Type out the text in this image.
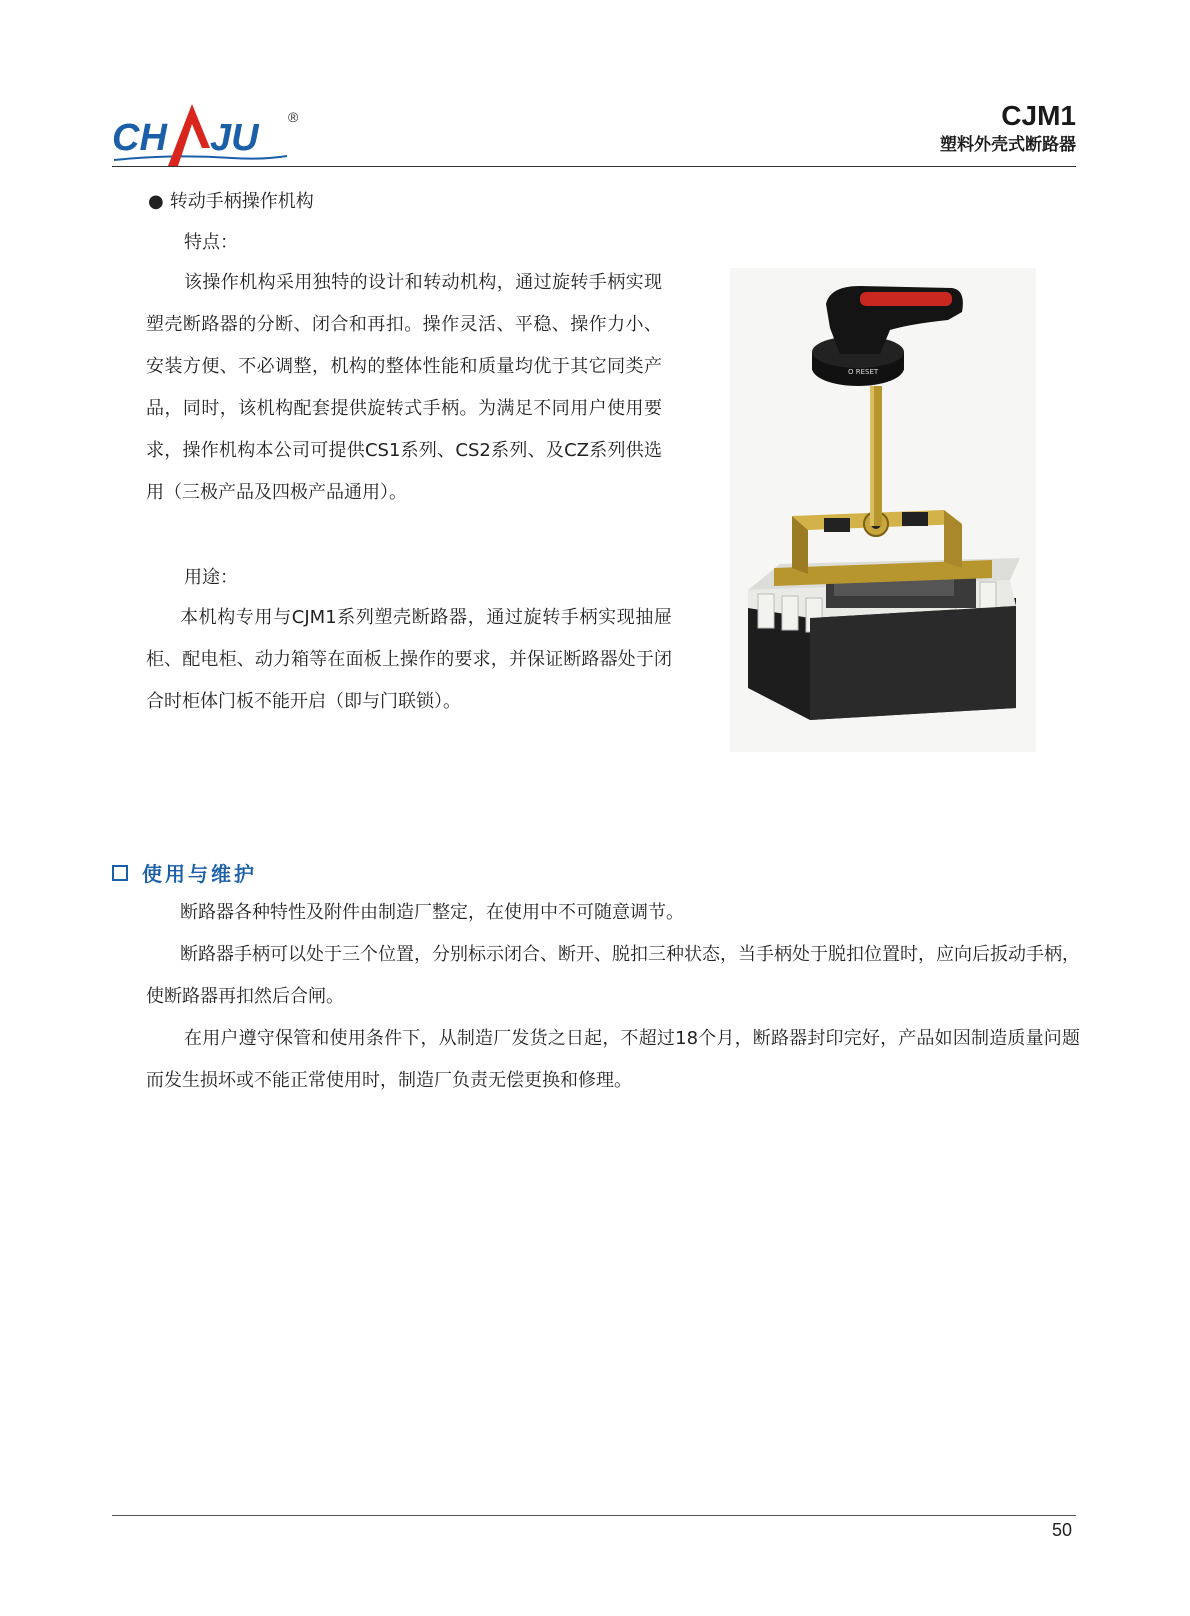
CH JU ®	CJM1
塑料外壳式断路器
● 转动手柄操作机构
特点：
该操作机构采用独特的设计和转动机构，通过旋转手柄实现塑壳断路器的分断、闭合和再扣。操作灵活、平稳、操作力小、安装方便、不必调整，机构的整体性能和质量均优于其它同类产品，同时，该机构配套提供旋转式手柄。为满足不同用户使用要求，操作机构本公司可提供CS1系列、CS2系列、及CZ系列供选用（三极产品及四极产品通用）。
用途：
本机构专用与CJM1系列塑壳断路器，通过旋转手柄实现抽屉柜、配电柜、动力箱等在面板上操作的要求，并保证断路器处于闭合时柜体门板不能开启（即与门联锁）。
O RESET
使用与维护
断路器各种特性及附件由制造厂整定，在使用中不可随意调节。
断路器手柄可以处于三个位置，分别标示闭合、断开、脱扣三种状态，当手柄处于脱扣位置时，应向后扳动手柄，使断路器再扣然后合闸。
在用户遵守保管和使用条件下，从制造厂发货之日起，不超过18个月，断路器封印完好，产品如因制造质量问题而发生损坏或不能正常使用时，制造厂负责无偿更换和修理。
50
